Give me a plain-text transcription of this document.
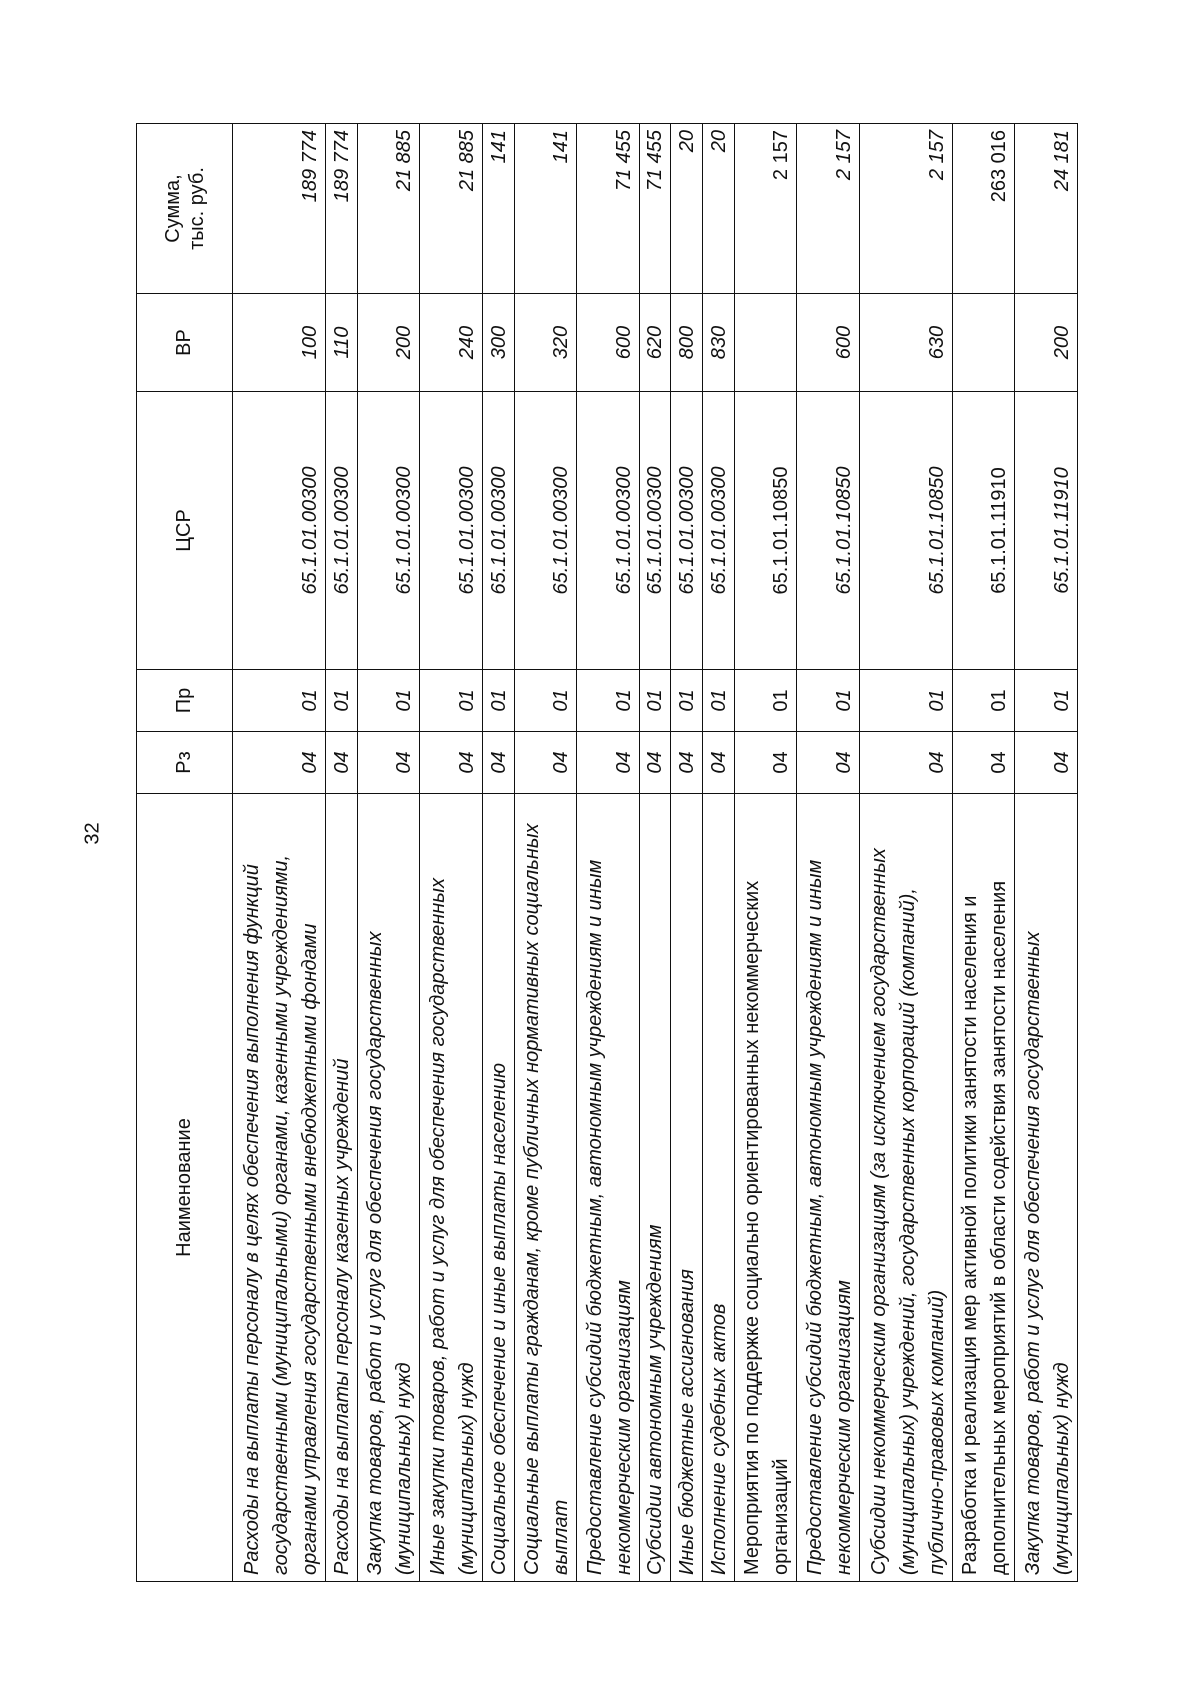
32
Наименование	Рз	Пр	ЦСР	ВР	Сумма, тыс. руб.

Расходы на выплаты персоналу в целях обеспечения выполнения функций государственными (муниципальными) органами, казенными учреждениями, органами управления государственными внебюджетными фондами	04	01	65.1.01.00300	100	189 774
Расходы на выплаты персоналу казенных учреждений	04	01	65.1.01.00300	110	189 774
Закупка товаров, работ и услуг для обеспечения государственных (муниципальных) нужд	04	01	65.1.01.00300	200	21 885
Иные закупки товаров, работ и услуг для обеспечения государственных (муниципальных) нужд	04	01	65.1.01.00300	240	21 885
Социальное обеспечение и иные выплаты населению	04	01	65.1.01.00300	300	141
Социальные выплаты гражданам, кроме публичных нормативных социальных выплат	04	01	65.1.01.00300	320	141
Предоставление субсидий бюджетным, автономным учреждениям и иным некоммерческим организациям	04	01	65.1.01.00300	600	71 455
Субсидии автономным учреждениям	04	01	65.1.01.00300	620	71 455
Иные бюджетные ассигнования	04	01	65.1.01.00300	800	20
Исполнение судебных актов	04	01	65.1.01.00300	830	20
Мероприятия по поддержке социально ориентированных некоммерческих организаций	04	01	65.1.01.10850		2 157
Предоставление субсидий бюджетным, автономным учреждениям и иным некоммерческим организациям	04	01	65.1.01.10850	600	2 157
Субсидии некоммерческим организациям (за исключением государственных (муниципальных) учреждений, государственных корпораций (компаний), публично-правовых компаний)	04	01	65.1.01.10850	630	2 157
Разработка и реализация мер активной политики занятости населения и дополнительных мероприятий в области содействия занятости населения	04	01	65.1.01.11910		263 016
Закупка товаров, работ и услуг для обеспечения государственных (муниципальных) нужд	04	01	65.1.01.11910	200	24 181
